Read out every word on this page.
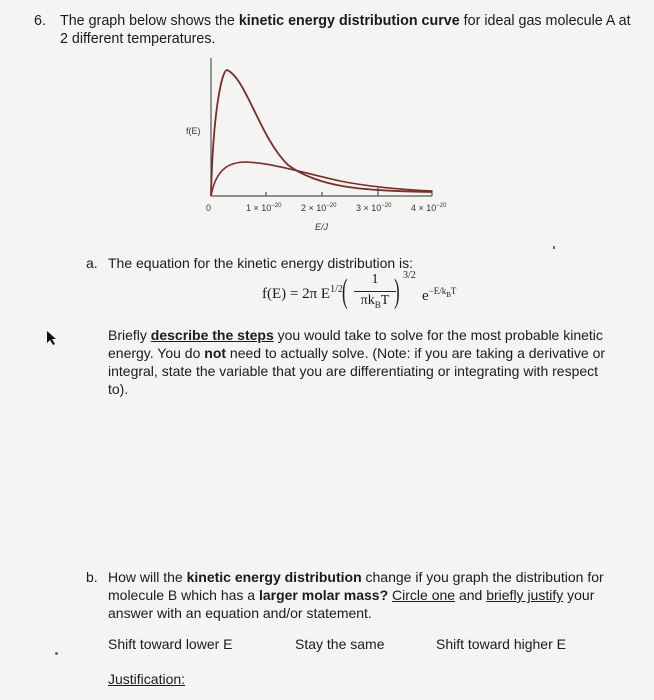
6. The graph below shows the kinetic energy distribution curve for ideal gas molecule A at 2 different temperatures.
f(E)
0	$1 \times 10^{-20}$ $2 \times 10^{-20}$ $3 \times 10^{-20}$ $4 \times 10^{-20}$
E/J
a. The equation for the kinetic energy distribution is:
f(E) = 2π $E^{1/2}$ (	1
$\pi k_BT$ ) 3/2
$e^{-E/k_BT}$
Briefly describe the steps you would take to solve for the most probable kinetic energy. You do not need to actually solve. (Note: if you are taking a derivative or integral, state the variable that you are differentiating or integrating with respect to).
b. How will the kinetic energy distribution change if you graph the distribution for molecule B which has a larger molar mass? Circle one and briefly justify your answer with an equation and/or statement.
Shift toward lower E	Stay the same	Shift toward higher E
Justification:
